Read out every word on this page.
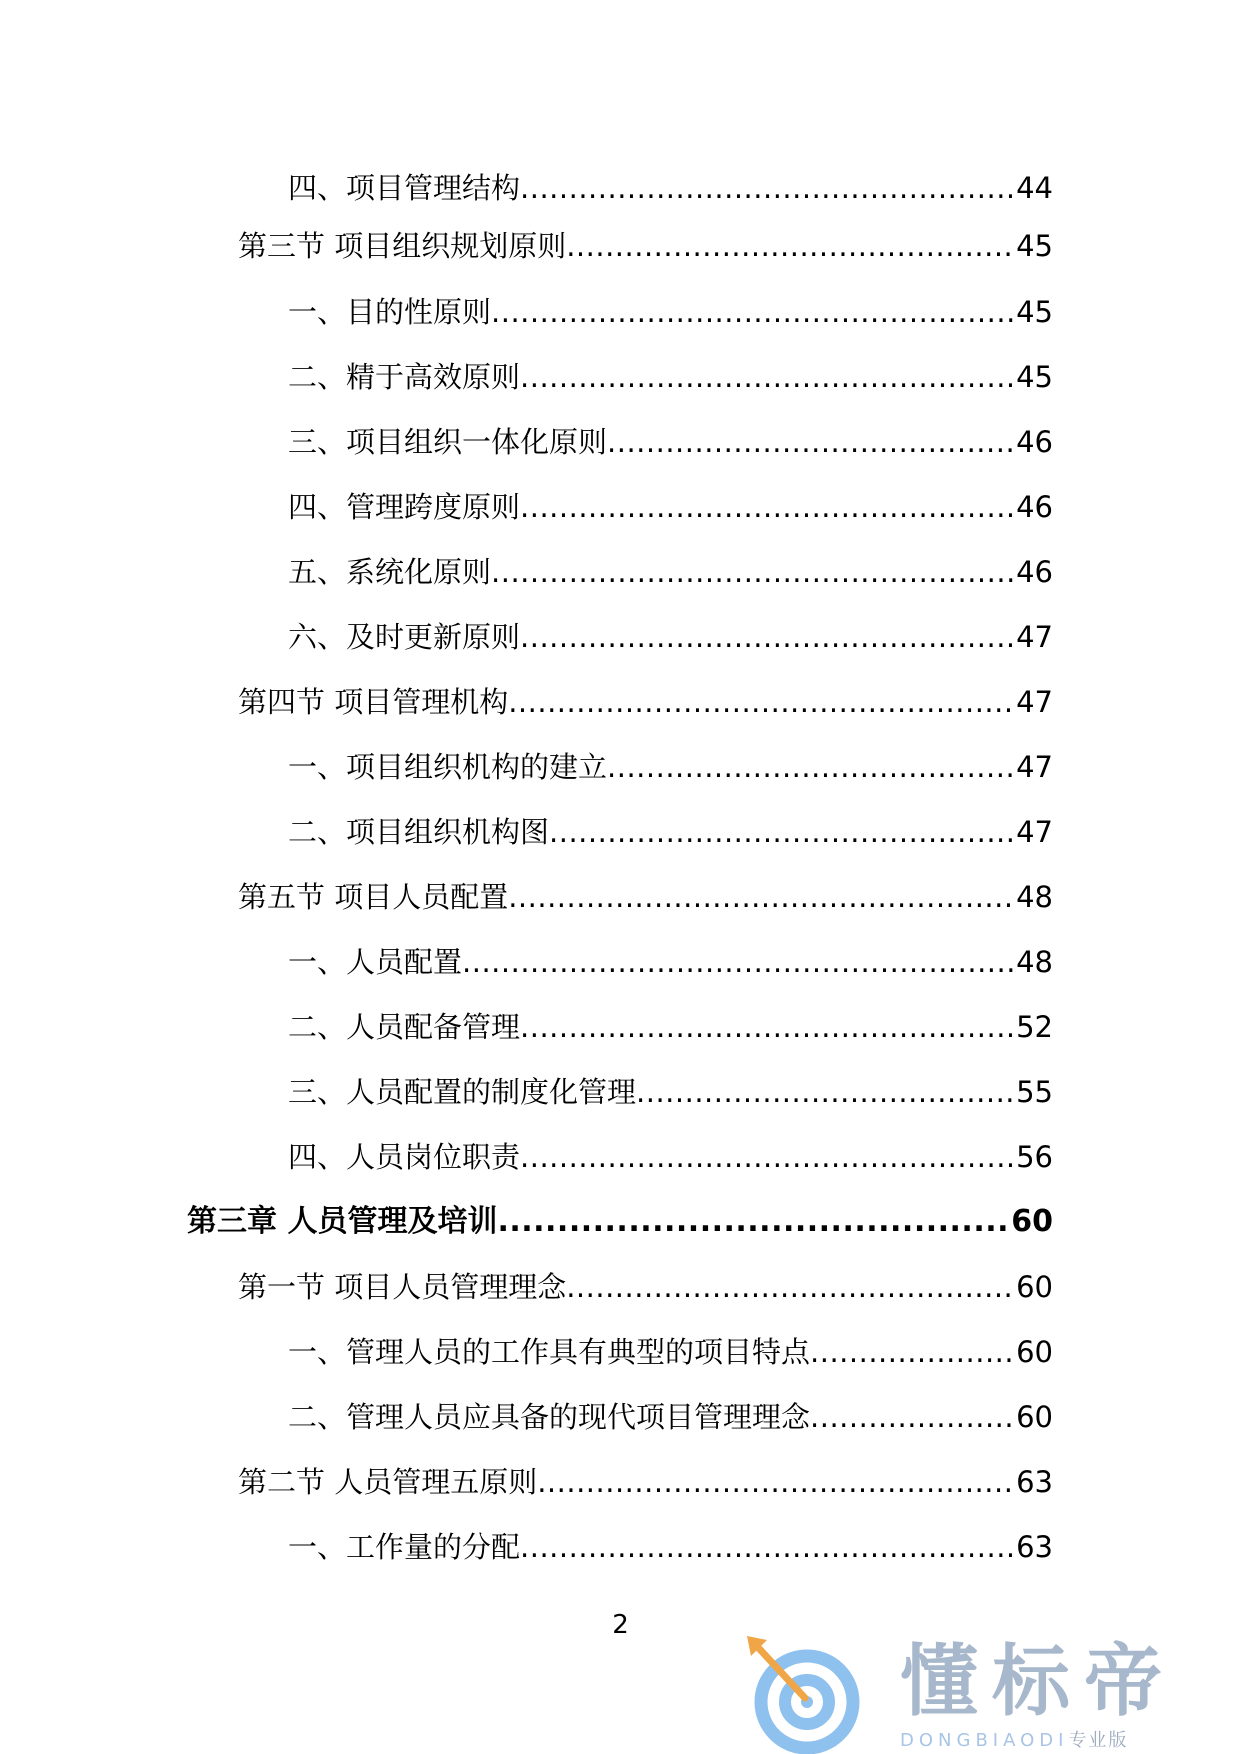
四、项目管理结构 .....	44
第三节 项目组织规划原则 .....	45
一、目的性原则 .....	45
二、精于高效原则 .....	45
三、项目组织一体化原则 .....	46
四、管理跨度原则 .....	46
五、系统化原则 .....	46
六、及时更新原则 .....	47
第四节 项目管理机构 .....	47
一、项目组织机构的建立 .....	47
二、项目组织机构图 .....	47
第五节 项目人员配置 .....	48
一、人员配置 .....	48
二、人员配备管理 .....	52
三、人员配置的制度化管理 .....	55
四、人员岗位职责 .....	56
第三章 人员管理及培训 .....	60
第一节 项目人员管理理念 .....	60
一、管理人员的工作具有典型的项目特点 .....	60
二、管理人员应具备的现代项目管理理念 .....	60
第二节 人员管理五原则 .....	63
一、工作量的分配 .....	63
2
懂标帝
DONGBIAODI专业版
